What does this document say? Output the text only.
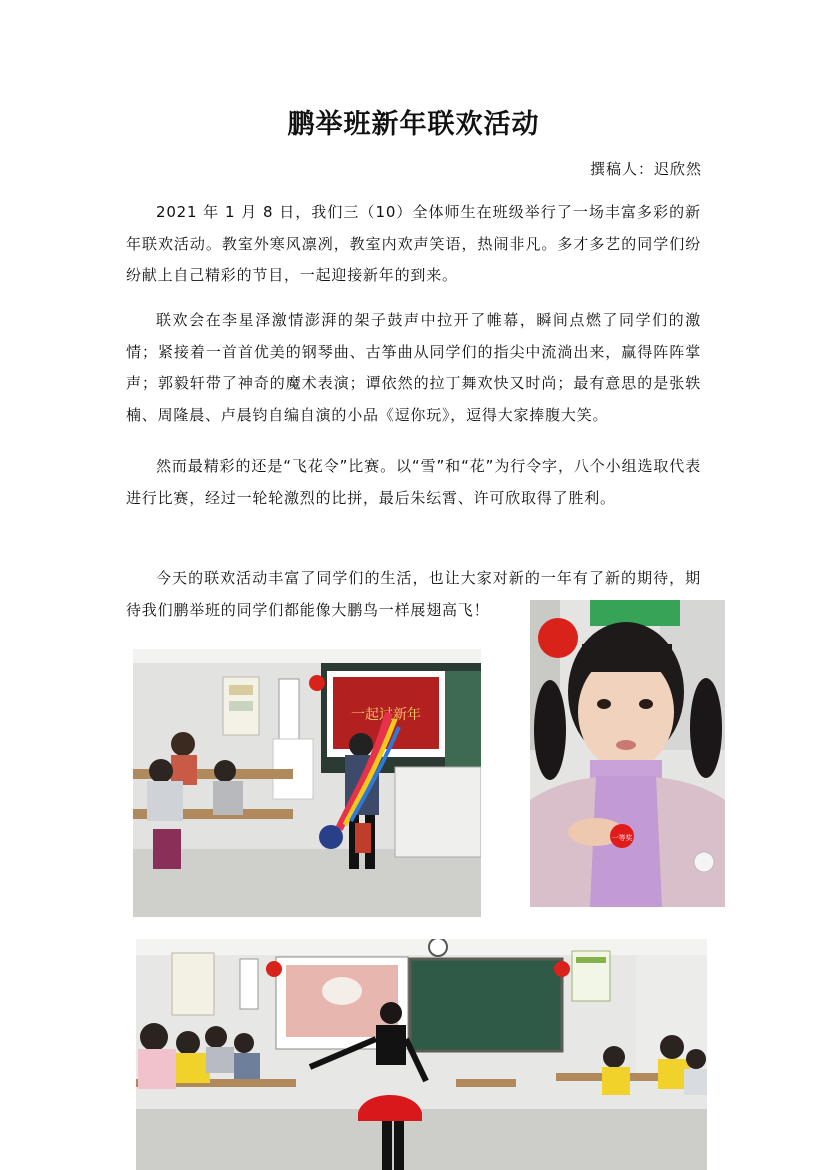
鹏举班新年联欢活动
撰稿人：迟欣然

2021 年 1 月 8 日，我们三（10）全体师生在班级举行了一场丰富多彩的新年联欢活动。教室外寒风凛冽，教室内欢声笑语，热闹非凡。多才多艺的同学们纷纷献上自己精彩的节目，一起迎接新年的到来。

联欢会在李星泽激情澎湃的架子鼓声中拉开了帷幕，瞬间点燃了同学们的激情；紧接着一首首优美的钢琴曲、古筝曲从同学们的指尖中流淌出来，赢得阵阵掌声；郭毅轩带了神奇的魔术表演；谭依然的拉丁舞欢快又时尚；最有意思的是张轶楠、周隆晨、卢晨钧自编自演的小品《逗你玩》，逗得大家捧腹大笑。

然而最精彩的还是“飞花令”比赛。以“雪”和“花”为行令字，八个小组选取代表进行比赛，经过一轮轮激烈的比拼，最后朱纭霄、许可欣取得了胜利。

今天的联欢活动丰富了同学们的生活，也让大家对新的一年有了新的期待，期待我们鹏举班的同学们都能像大鹏鸟一样展翅高飞！

一起过新年
一等奖
